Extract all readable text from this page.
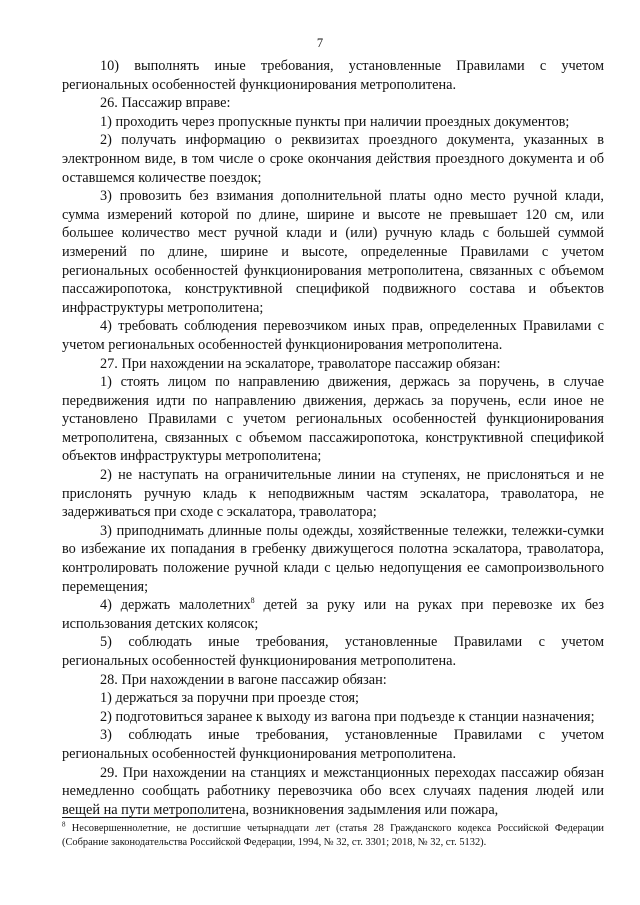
7

10) выполнять иные требования, установленные Правилами с учетом региональных особенностей функционирования метрополитена.

26. Пассажир вправе:

1) проходить через пропускные пункты при наличии проездных документов;

2) получать информацию о реквизитах проездного документа, указанных в электронном виде, в том числе о сроке окончания действия проездного документа и об оставшемся количестве поездок;

3) провозить без взимания дополнительной платы одно место ручной клади, сумма измерений которой по длине, ширине и высоте не превышает 120 см, или большее количество мест ручной клади и (или) ручную кладь с большей суммой измерений по длине, ширине и высоте, определенные Правилами с учетом региональных особенностей функционирования метрополитена, связанных с объемом пассажиропотока, конструктивной спецификой подвижного состава и объектов инфраструктуры метрополитена;

4) требовать соблюдения перевозчиком иных прав, определенных Правилами с учетом региональных особенностей функционирования метрополитена.

27. При нахождении на эскалаторе, траволаторе пассажир обязан:

1) стоять лицом по направлению движения, держась за поручень, в случае передвижения идти по направлению движения, держась за поручень, если иное не установлено Правилами с учетом региональных особенностей функционирования метрополитена, связанных с объемом пассажиропотока, конструктивной спецификой объектов инфраструктуры метрополитена;

2) не наступать на ограничительные линии на ступенях, не прислоняться и не прислонять ручную кладь к неподвижным частям эскалатора, траволатора, не задерживаться при сходе с эскалатора, траволатора;

3) приподнимать длинные полы одежды, хозяйственные тележки, тележки-сумки во избежание их попадания в гребенку движущегося полотна эскалатора, траволатора, контролировать положение ручной клади с целью недопущения ее самопроизвольного перемещения;

4) держать малолетних$^8$ детей за руку или на руках при перевозке их без использования детских колясок;

5) соблюдать иные требования, установленные Правилами с учетом региональных особенностей функционирования метрополитена.

28. При нахождении в вагоне пассажир обязан:

1) держаться за поручни при проезде стоя;

2) подготовиться заранее к выходу из вагона при подъезде к станции назначения;

3) соблюдать иные требования, установленные Правилами с учетом региональных особенностей функционирования метрополитена.

29. При нахождении на станциях и межстанционных переходах пассажир обязан немедленно сообщать работнику перевозчика обо всех случаях падения людей или вещей на пути метрополитена, возникновения задымления или пожара,

$^8$ Несовершеннолетние, не достигшие четырнадцати лет (статья 28 Гражданского кодекса Российской Федерации (Собрание законодательства Российской Федерации, 1994, № 32, ст. 3301; 2018, № 32, ст. 5132).
